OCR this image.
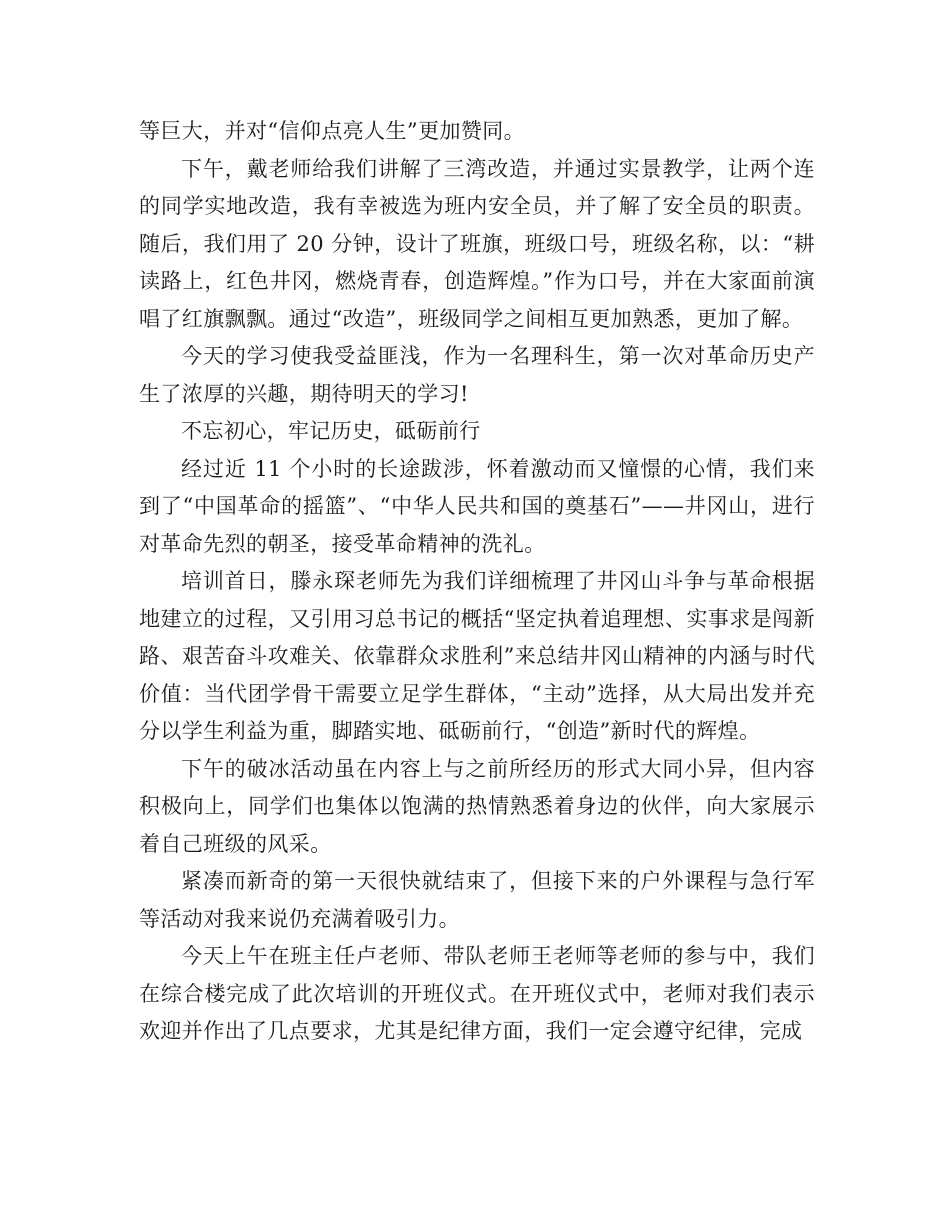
等巨大，并对“信仰点亮人生”更加赞同。

下午，戴老师给我们讲解了三湾改造，并通过实景教学，让两个连的同学实地改造，我有幸被选为班内安全员，并了解了安全员的职责。随后，我们用了 20 分钟，设计了班旗，班级口号，班级名称，以：“耕读路上，红色井冈，燃烧青春，创造辉煌。”作为口号，并在大家面前演唱了红旗飘飘。通过“改造”，班级同学之间相互更加熟悉，更加了解。

今天的学习使我受益匪浅，作为一名理科生，第一次对革命历史产生了浓厚的兴趣，期待明天的学习!

不忘初心，牢记历史，砥砺前行

经过近 11 个小时的长途跋涉，怀着激动而又憧憬的心情，我们来到了“中国革命的摇篮”、“中华人民共和国的奠基石”——井冈山，进行对革命先烈的朝圣，接受革命精神的洗礼。

培训首日，滕永琛老师先为我们详细梳理了井冈山斗争与革命根据地建立的过程，又引用习总书记的概括“坚定执着追理想、实事求是闯新路、艰苦奋斗攻难关、依靠群众求胜利”来总结井冈山精神的内涵与时代价值：当代团学骨干需要立足学生群体，“主动”选择，从大局出发并充分以学生利益为重，脚踏实地、砥砺前行，“创造”新时代的辉煌。

下午的破冰活动虽在内容上与之前所经历的形式大同小异，但内容积极向上，同学们也集体以饱满的热情熟悉着身边的伙伴，向大家展示着自己班级的风采。

紧凑而新奇的第一天很快就结束了，但接下来的户外课程与急行军等活动对我来说仍充满着吸引力。

今天上午在班主任卢老师、带队老师王老师等老师的参与中，我们在综合楼完成了此次培训的开班仪式。在开班仪式中，老师对我们表示欢迎并作出了几点要求，尤其是纪律方面，我们一定会遵守纪律，完成
